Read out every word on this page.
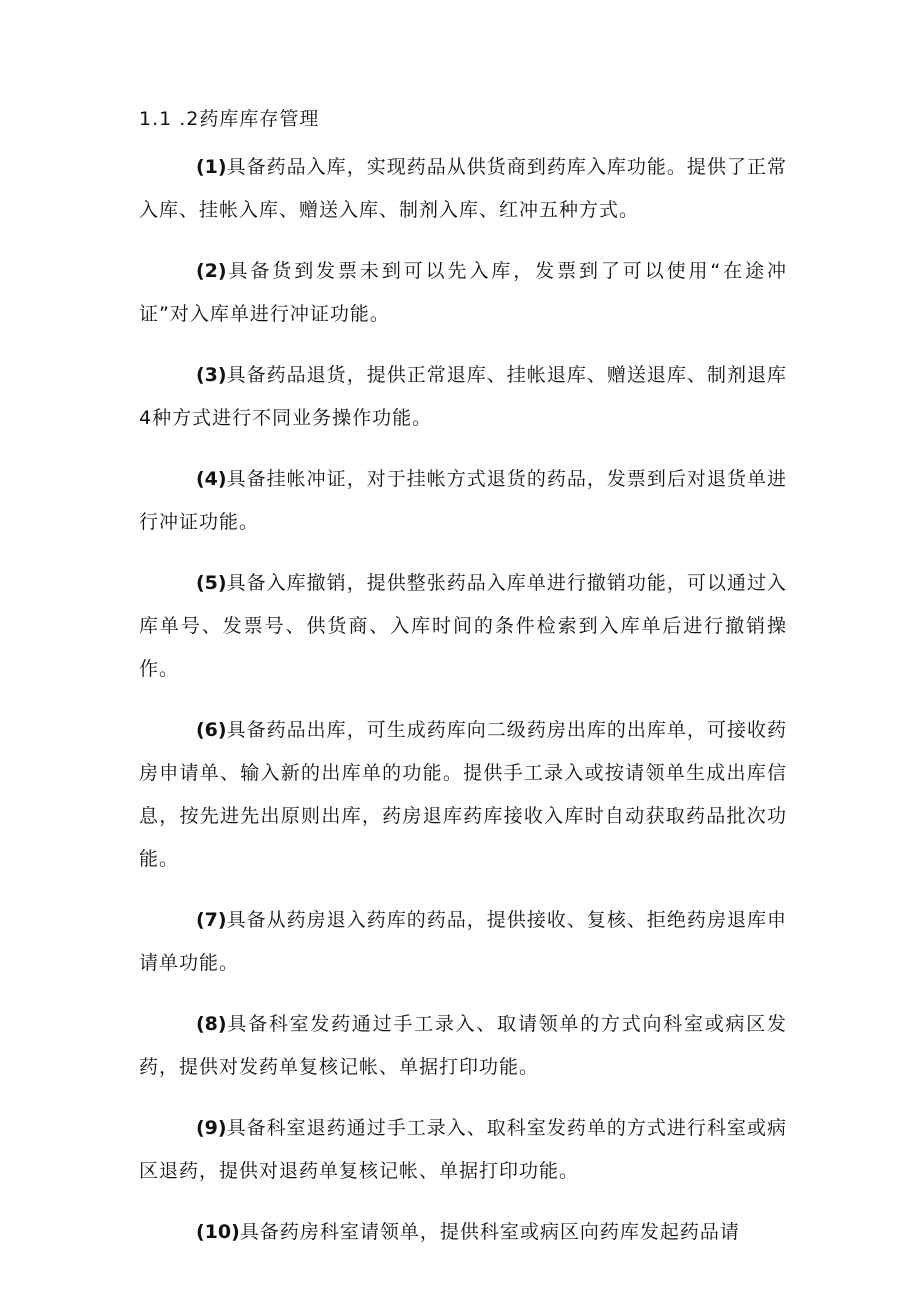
1.1 .2药库库存管理

(1)具备药品入库，实现药品从供货商到药库入库功能。提供了正常入库、挂帐入库、赠送入库、制剂入库、红冲五种方式。

(2)具备货到发票未到可以先入库，发票到了可以使用“在途冲证”对入库单进行冲证功能。

(3)具备药品退货，提供正常退库、挂帐退库、赠送退库、制剂退库4种方式进行不同业务操作功能。

(4)具备挂帐冲证，对于挂帐方式退货的药品，发票到后对退货单进行冲证功能。

(5)具备入库撤销，提供整张药品入库单进行撤销功能，可以通过入库单号、发票号、供货商、入库时间的条件检索到入库单后进行撤销操作。

(6)具备药品出库，可生成药库向二级药房出库的出库单，可接收药房申请单、输入新的出库单的功能。提供手工录入或按请领单生成出库信息，按先进先出原则出库，药房退库药库接收入库时自动获取药品批次功能。

(7)具备从药房退入药库的药品，提供接收、复核、拒绝药房退库申请单功能。

(8)具备科室发药通过手工录入、取请领单的方式向科室或病区发药，提供对发药单复核记帐、单据打印功能。

(9)具备科室退药通过手工录入、取科室发药单的方式进行科室或病区退药，提供对退药单复核记帐、单据打印功能。

(10)具备药房科室请领单，提供科室或病区向药库发起药品请
